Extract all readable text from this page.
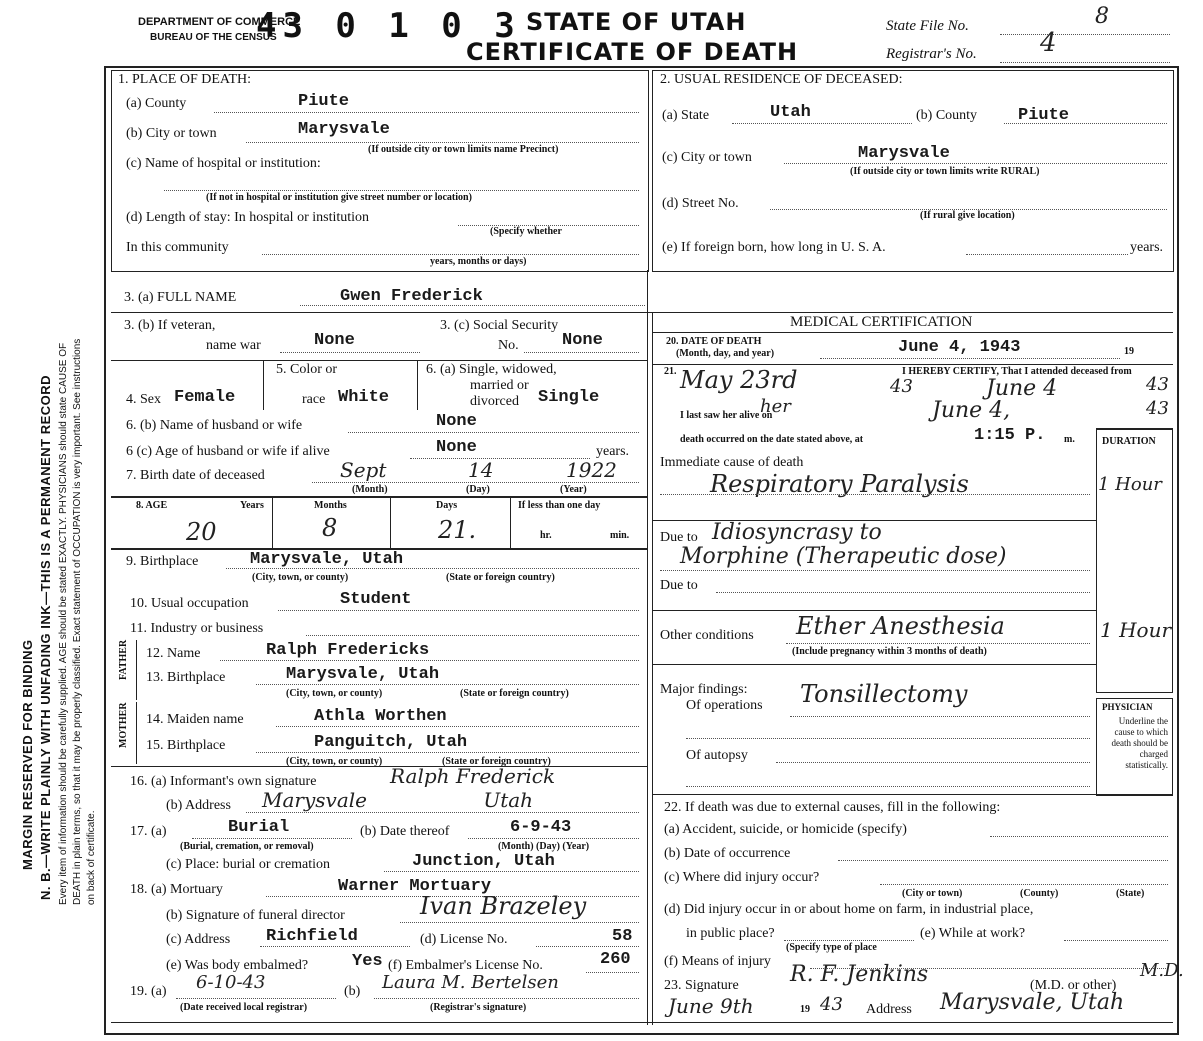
MARGIN RESERVED FOR BINDING N. B.—WRITE PLAINLY WITH UNFADING INK—THIS IS A PERMANENT RECORD Every item of information should be carefully supplied. AGE should be stated EXACTLY. PHYSICIANS should state CAUSE OF DEATH in plain terms, so that it may be properly classified. Exact statement of OCCUPATION is very important. See instructions on back of certificate.
DEPARTMENT OF COMMERCE
BUREAU OF THE CENSUS
43 0 1 0 3 STATE OF UTAH
CERTIFICATE OF DEATH
State File No.	8
Registrar's No. 4
1. PLACE OF DEATH:
(a) County	Piute
(b) City or town	Marysvale
(If outside city or town limits name Precinct)
(c) Name of hospital or institution:
(If not in hospital or institution give street number or location)
(d) Length of stay: In hospital or institution
(Specify whether
In this community
years, months or days)
2. USUAL RESIDENCE OF DECEASED:
(a) State	Utah	(b) County Piute
(c) City or town	Marysvale
(If outside city or town limits write RURAL)
(d) Street No.
(If rural give location)
(e) If foreign born, how long in U. S. A.	years.
3. (a) FULL NAME	Gwen Frederick
3. (b) If veteran,
name war	None
3. (c) Social Security
No.	None
4. Sex Female
5. Color or
race White
6. (a) Single, widowed,
married or
divorced Single
6. (b) Name of husband or wife	None
6 (c) Age of husband or wife if alive	None	years.
7. Birth date of deceased	Sept	14	1922
(Month)	(Day)	(Year)
8. AGE	Years	Months	Days	If less than one day
hr.	min.
20	8	21.
9. Birthplace	Marysvale, Utah
(City, town, or county)	(State or foreign country)
10. Usual occupation	Student
11. Industry or business
FATHER
MOTHER
12. Name	Ralph Fredericks
13. Birthplace	Marysvale, Utah
(City, town, or county)	(State or foreign country)
14. Maiden name	Athla Worthen
15. Birthplace	Panguitch, Utah
(City, town, or county)	(State or foreign country)
16. (a) Informant's own signature	Ralph Frederick
(b) Address Marysvale Utah
17. (a)	Burial
(Burial, cremation, or removal)
(b) Date thereof	6-9-43
(Month) (Day) (Year)
(c) Place: burial or cremation	Junction, Utah
18. (a) Mortuary	Warner Mortuary
(b) Signature of funeral director	Ivan Brazeley
(c) Address Richfield	(d) License No.	58
(e) Was body embalmed?	Yes (f) Embalmer's License No.	260
19. (a) 6-10-43
(Date received local registrar)
(b) Laura M. Bertelsen
(Registrar's signature)
MEDICAL CERTIFICATION
20. DATE OF DEATH
(Month, day, and year)	June 4, 1943	19
21. May 23rd	I HEREBY CERTIFY, That I attended deceased from
43	June 4	43
I last saw her alive on
her	June 4,	43
death occurred on the date stated above, at	1:15 P. m.	DURATION
Immediate cause of death
Respiratory Paralysis	1 Hour
Due to Idiosyncrasy to
Morphine (Therapeutic dose)
Due to
Other conditions Ether Anesthesia	1 Hour
(Include pregnancy within 3 months of death)
Major findings:
Of operations Tonsillectomy
Of autopsy
PHYSICIAN
Underline the cause to which death should be charged statistically.
22. If death was due to external causes, fill in the following:
(a) Accident, suicide, or homicide (specify)
(b) Date of occurrence
(c) Where did injury occur?
(City or town)	(County)	(State)
(d) Did injury occur in or about home on farm, in industrial place,
in public place?
(Specify type of place
(e) While at work?
(f) Means of injury
23. Signature R. F. Jenkins	(M.D. or other)
M.D.
June 9th	19 43 Address Marysvale, Utah
